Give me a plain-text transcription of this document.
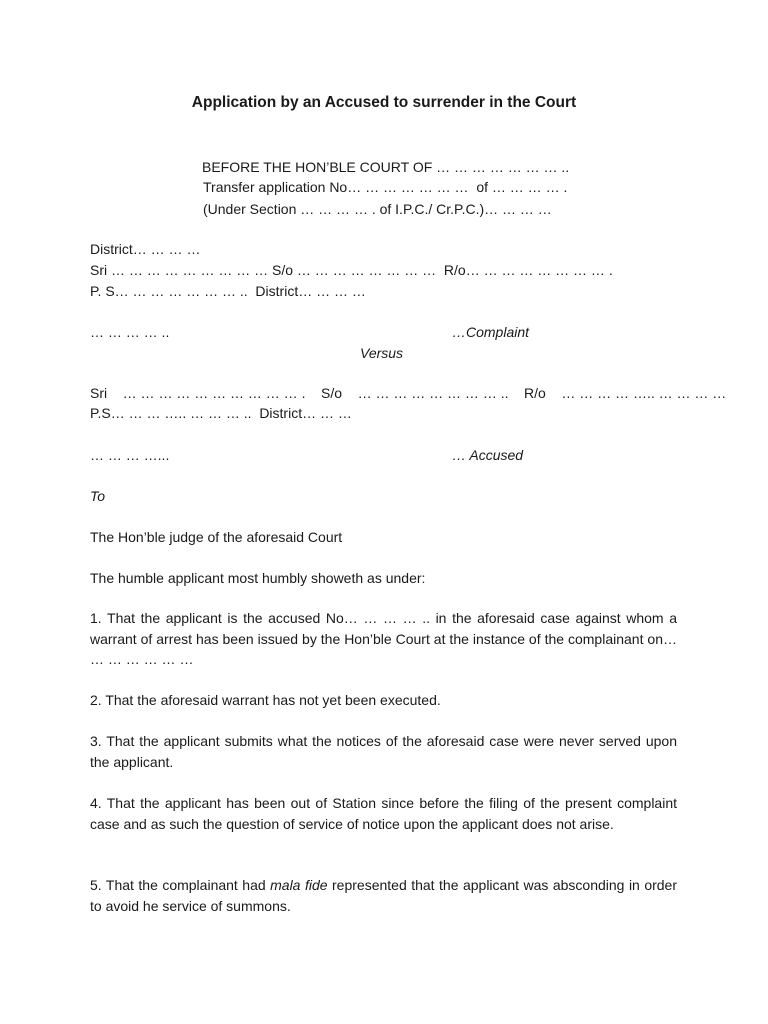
Application by an Accused to surrender in the Court
BEFORE THE HON’BLE COURT OF … … … … … … … ..
Transfer application No… … … … … … …  of … … … … .
(Under Section … … … … . of I.P.C./ Cr.P.C.)… … … …
District… … … …
Sri … … … … … … … … … S/o … … … … … … … …  R/o… … … … … … … … .
P. S… … … … … … … ..  District… … … …
… … … … ..	…Complaint
Versus
Sri    … … … … … … … … … … .    S/o    … … … … … … … … ..    R/o    … … … … ….. … … … …
P.S… … … ….. … … … ..  District… … …
… … … …...	… Accused
To
The Hon’ble judge of the aforesaid Court
The humble applicant most humbly showeth as under:
1. That the applicant is the accused No… … … … .. in the aforesaid case against whom a warrant of arrest has been issued by the Hon’ble Court at the instance of the complainant on… … … … … … …
2. That the aforesaid warrant has not yet been executed.
3. That the applicant submits what the notices of the aforesaid case were never served upon the applicant.
4. That the applicant has been out of Station since before the filing of the present complaint case and as such the question of service of notice upon the applicant does not arise.
5. That the complainant had mala fide represented that the applicant was absconding in order to avoid he service of summons.
